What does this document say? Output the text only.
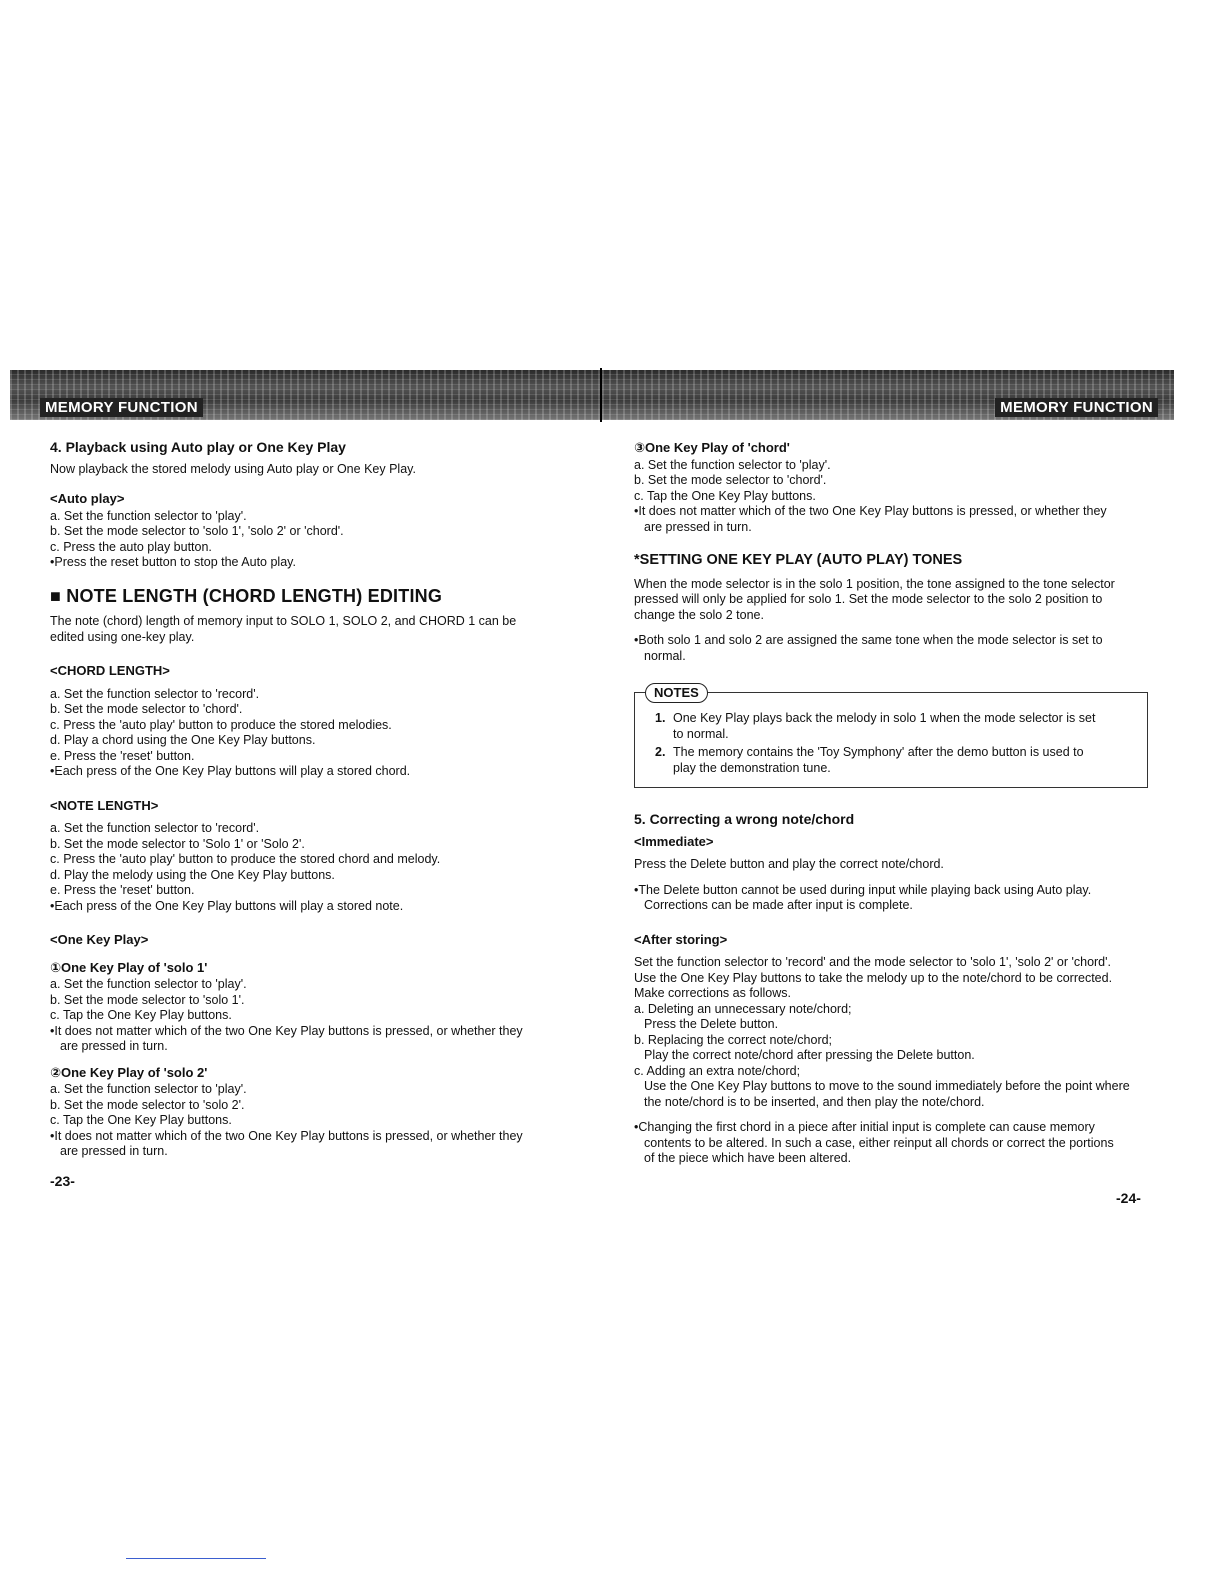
MEMORY FUNCTION	MEMORY FUNCTION
4. Playback using Auto play or One Key Play

Now playback the stored melody using Auto play or One Key Play.

<Auto play>

a. Set the function selector to 'play'.

b. Set the mode selector to 'solo 1', 'solo 2' or 'chord'.

c. Press the auto play button.

•Press the reset button to stop the Auto play.

■ NOTE LENGTH (CHORD LENGTH) EDITING

The note (chord) length of memory input to SOLO 1, SOLO 2, and CHORD 1 can be

edited using one-key play.

<CHORD LENGTH>

a. Set the function selector to 'record'.

b. Set the mode selector to 'chord'.

c. Press the 'auto play' button to produce the stored melodies.

d. Play a chord using the One Key Play buttons.

e. Press the 'reset' button.

•Each press of the One Key Play buttons will play a stored chord.

<NOTE LENGTH>

a. Set the function selector to 'record'.

b. Set the mode selector to 'Solo 1' or 'Solo 2'.

c. Press the 'auto play' button to produce the stored chord and melody.

d. Play the melody using the One Key Play buttons.

e. Press the 'reset' button.

•Each press of the One Key Play buttons will play a stored note.

<One Key Play>
①One Key Play of 'solo 1'

a. Set the function selector to 'play'.

b. Set the mode selector to 'solo 1'.

c. Tap the One Key Play buttons.

•It does not matter which of the two One Key Play buttons is pressed, or whether they

are pressed in turn.

②One Key Play of 'solo 2'

a. Set the function selector to 'play'.

b. Set the mode selector to 'solo 2'.

c. Tap the One Key Play buttons.

•It does not matter which of the two One Key Play buttons is pressed, or whether they

are pressed in turn.

-23-
③One Key Play of 'chord'

a. Set the function selector to 'play'.

b. Set the mode selector to 'chord'.

c. Tap the One Key Play buttons.

•It does not matter which of the two One Key Play buttons is pressed, or whether they

are pressed in turn.

*SETTING ONE KEY PLAY (AUTO PLAY) TONES

When the mode selector is in the solo 1 position, the tone assigned to the tone selector

pressed will only be applied for solo 1. Set the mode selector to the solo 2 position to

change the solo 2 tone.

•Both solo 1 and solo 2 are assigned the same tone when the mode selector is set to

normal.

NOTES
1. One Key Play plays back the melody in solo 1 when the mode selector is set

to normal.

2. The memory contains the 'Toy Symphony' after the demo button is used to

play the demonstration tune.

5. Correcting a wrong note/chord
<Immediate>

Press the Delete button and play the correct note/chord.

•The Delete button cannot be used during input while playing back using Auto play.

Corrections can be made after input is complete.

<After storing>

Set the function selector to 'record' and the mode selector to 'solo 1', 'solo 2' or 'chord'.

Use the One Key Play buttons to take the melody up to the note/chord to be corrected.

Make corrections as follows.

a. Deleting an unnecessary note/chord;

Press the Delete button.

b. Replacing the correct note/chord;

Play the correct note/chord after pressing the Delete button.

c. Adding an extra note/chord;

Use the One Key Play buttons to move to the sound immediately before the point where

the note/chord is to be inserted, and then play the note/chord.

•Changing the first chord in a piece after initial input is complete can cause memory

contents to be altered. In such a case, either reinput all chords or correct the portions

of the piece which have been altered.

-24-
